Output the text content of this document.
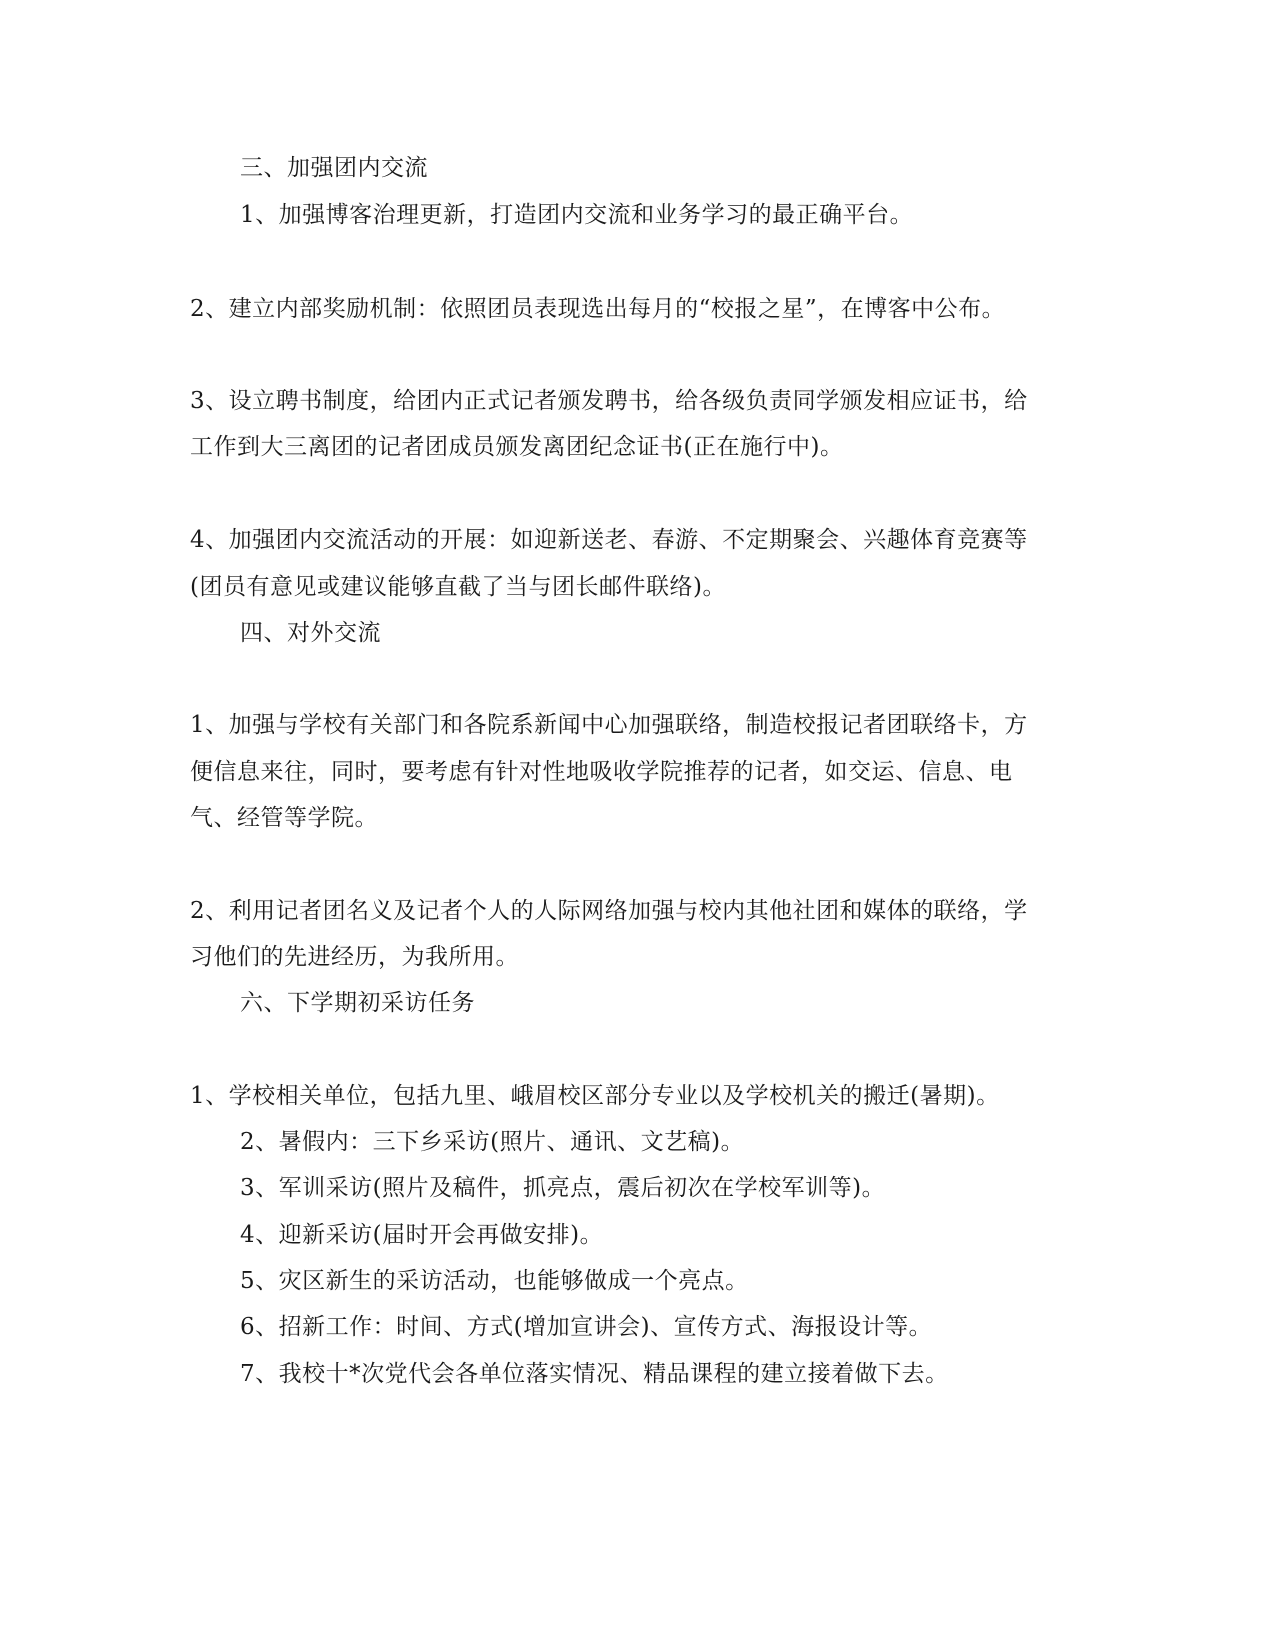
三、加强团内交流
1、加强博客治理更新，打造团内交流和业务学习的最正确平台。
2、建立内部奖励机制：依照团员表现选出每月的“校报之星”，在博客中公布。
3、设立聘书制度，给团内正式记者颁发聘书，给各级负责同学颁发相应证书，给
工作到大三离团的记者团成员颁发离团纪念证书(正在施行中)。
4、加强团内交流活动的开展：如迎新送老、春游、不定期聚会、兴趣体育竞赛等
(团员有意见或建议能够直截了当与团长邮件联络)。
四、对外交流
1、加强与学校有关部门和各院系新闻中心加强联络，制造校报记者团联络卡，方
便信息来往，同时，要考虑有针对性地吸收学院推荐的记者，如交运、信息、电
气、经管等学院。
2、利用记者团名义及记者个人的人际网络加强与校内其他社团和媒体的联络，学
习他们的先进经历，为我所用。
六、下学期初采访任务
1、学校相关单位，包括九里、峨眉校区部分专业以及学校机关的搬迁(暑期)。
2、暑假内：三下乡采访(照片、通讯、文艺稿)。
3、军训采访(照片及稿件，抓亮点，震后初次在学校军训等)。
4、迎新采访(届时开会再做安排)。
5、灾区新生的采访活动，也能够做成一个亮点。
6、招新工作：时间、方式(增加宣讲会)、宣传方式、海报设计等。
7、我校十*次党代会各单位落实情况、精品课程的建立接着做下去。
